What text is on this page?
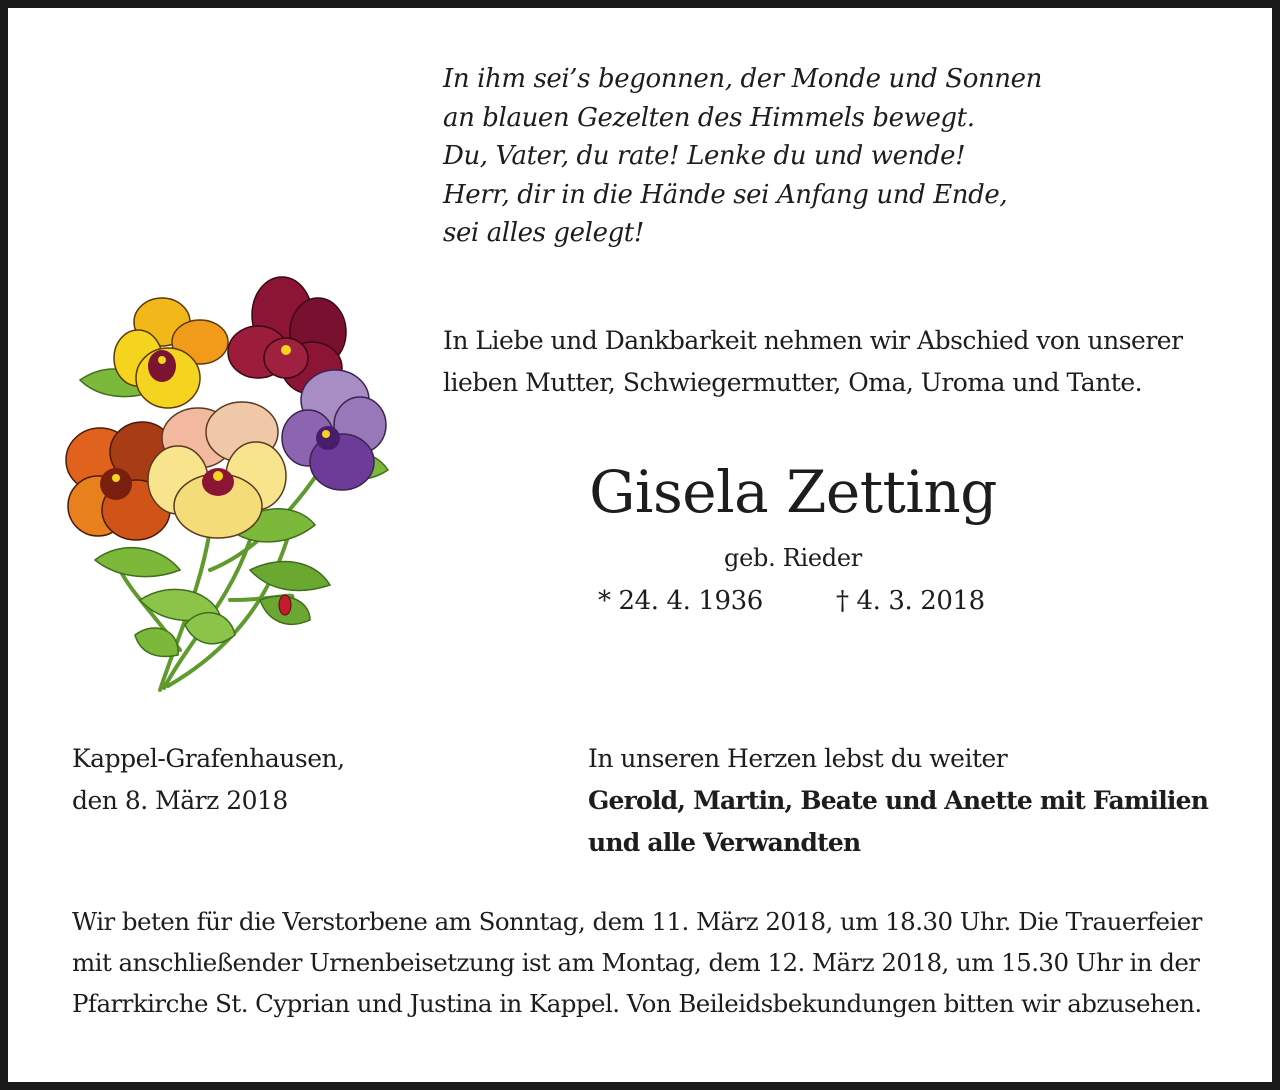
In ihm sei’s begonnen, der Monde und Sonnen
an blauen Gezelten des Himmels bewegt.
Du, Vater, du rate! Lenke du und wende!
Herr, dir in die Hände sei Anfang und Ende,
sei alles gelegt!
In Liebe und Dankbarkeit nehmen wir Abschied von unserer
lieben Mutter, Schwiegermutter, Oma, Uroma und Tante.
Gisela Zetting
geb. Rieder
* 24. 4. 1936	† 4. 3. 2018
Kappel-Grafenhausen,
den 8. März 2018
In unseren Herzen lebst du weiter
Gerold, Martin, Beate und Anette mit Familien
und alle Verwandten
Wir beten für die Verstorbene am Sonntag, dem 11. März 2018, um 18.30 Uhr. Die Trauerfeier
mit anschließender Urnenbeisetzung ist am Montag, dem 12. März 2018, um 15.30 Uhr in der
Pfarrkirche St. Cyprian und Justina in Kappel. Von Beileidsbekundungen bitten wir abzusehen.
